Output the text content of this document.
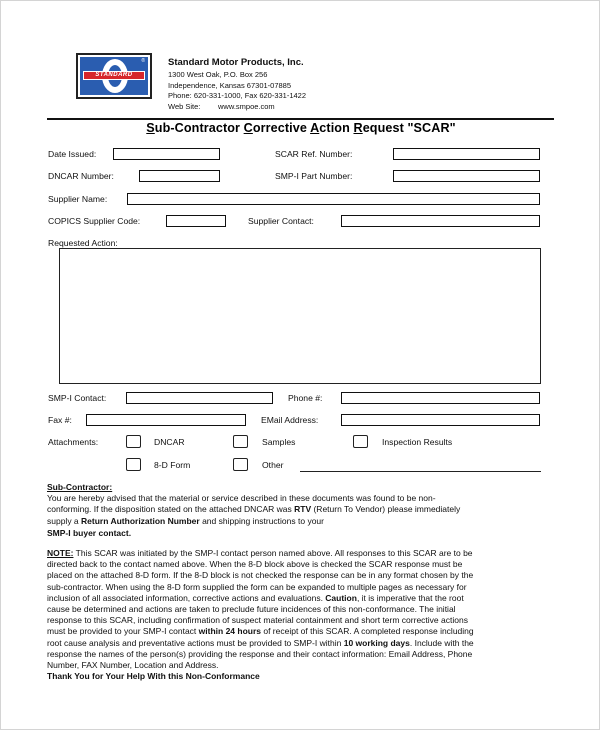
STANDARD
® Standard Motor Products, Inc.
1300 West Oak, P.O. Box 256
Independence, Kansas 67301-07885
Phone: 620-331-1000, Fax 620-331-1422
Web Site: www.smpoe.com
Sub-Contractor Corrective Action Request "SCAR"
Date Issued:	SCAR Ref. Number:
DNCAR Number:	SMP-I Part Number:
Supplier Name:
COPICS Supplier Code:	Supplier Contact:
Requested Action:
SMP-I Contact:	Phone #:
Fax #:	EMail Address:
Attachments:	DNCAR	Samples	Inspection Results
8-D Form	Other
Sub-Contractor:
You are hereby advised that the material or service described in these documents was found to be non-conforming. If the disposition stated on the attached DNCAR was RTV (Return To Vendor) please immediately supply a Return Authorization Number and shipping instructions to your
SMP-I buyer contact.
NOTE: This SCAR was initiated by the SMP-I contact person named above. All responses to this SCAR are to be directed back to the contact named above. When the 8-D block above is checked the SCAR response must be placed on the attached 8-D form. If the 8-D block is not checked the response can be in any format chosen by the sub-contractor. When using the 8-D form supplied the form can be expanded to multiple pages as necessary for inclusion of all associated information, corrective actions and evaluations. Caution, it is imperative that the root cause be determined and actions are taken to preclude future incidences of this non-conformance. The initial response to this SCAR, including confirmation of suspect material containment and short term corrective actions must be provided to your SMP-I contact within 24 hours of receipt of this SCAR. A completed response including root cause analysis and preventative actions must be provided to SMP-I within 10 working days. Include with the response the names of the person(s) providing the response and their contact information: Email Address, Phone Number, FAX Number, Location and Address.
Thank You for Your Help With this Non-Conformance
